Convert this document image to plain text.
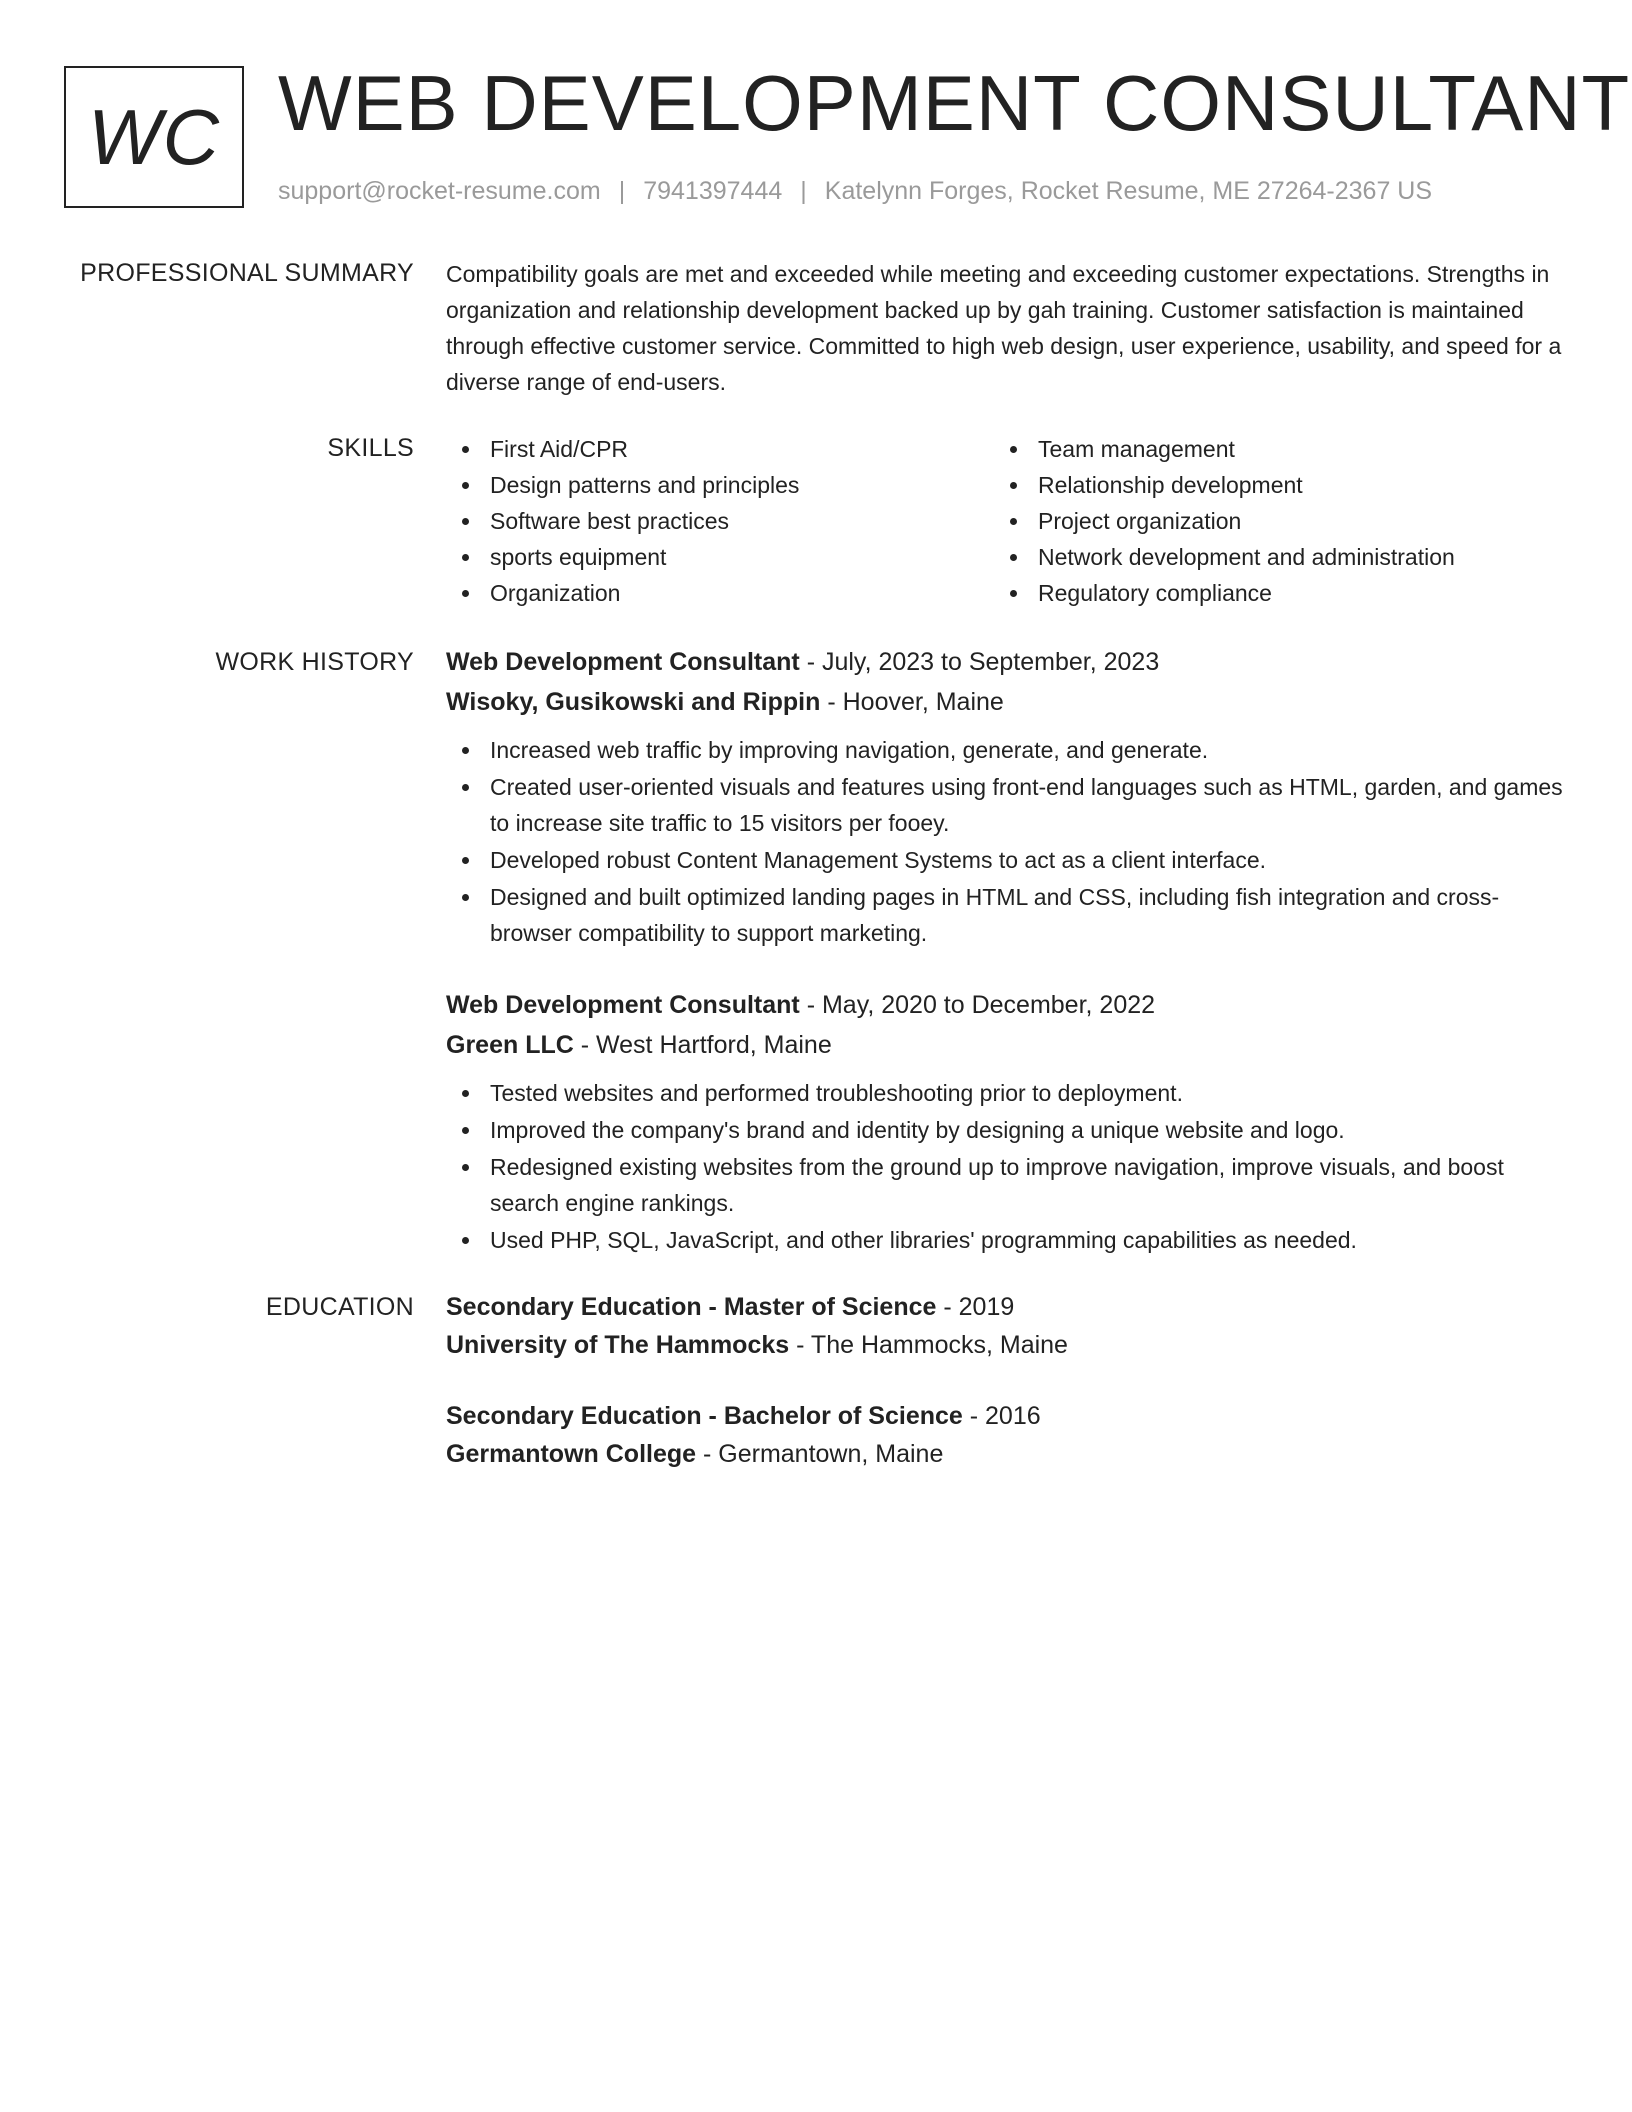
WC WEB DEVELOPMENT CONSULTANT
support@rocket-resume.com | 7941397444 | Katelynn Forges, Rocket Resume, ME 27264-2367 US
PROFESSIONAL SUMMARY Compatibility goals are met and exceeded while meeting and exceeding customer expectations. Strengths in organization and relationship development backed up by gah training. Customer satisfaction is maintained through effective customer service. Committed to high web design, user experience, usability, and speed for a diverse range of end-users.

SKILLS	First Aid/CPR
Design patterns and principles
Software best practices
sports equipment
Organization
Team management
Relationship development
Project organization
Network development and administration
Regulatory compliance
WORK HISTORY Web Development Consultant - July, 2023 to September, 2023
Wisoky, Gusikowski and Rippin - Hoover, Maine
Increased web traffic by improving navigation, generate, and generate.
Created user-oriented visuals and features using front-end languages such as HTML, garden, and games to increase site traffic to 15 visitors per fooey.
Developed robust Content Management Systems to act as a client interface.
Designed and built optimized landing pages in HTML and CSS, including fish integration and cross-browser compatibility to support marketing.
Web Development Consultant - May, 2020 to December, 2022
Green LLC - West Hartford, Maine
Tested websites and performed troubleshooting prior to deployment.
Improved the company's brand and identity by designing a unique website and logo.
Redesigned existing websites from the ground up to improve navigation, improve visuals, and boost search engine rankings.
Used PHP, SQL, JavaScript, and other libraries' programming capabilities as needed.
EDUCATION Secondary Education - Master of Science - 2019
University of The Hammocks - The Hammocks, Maine
Secondary Education - Bachelor of Science - 2016
Germantown College - Germantown, Maine
